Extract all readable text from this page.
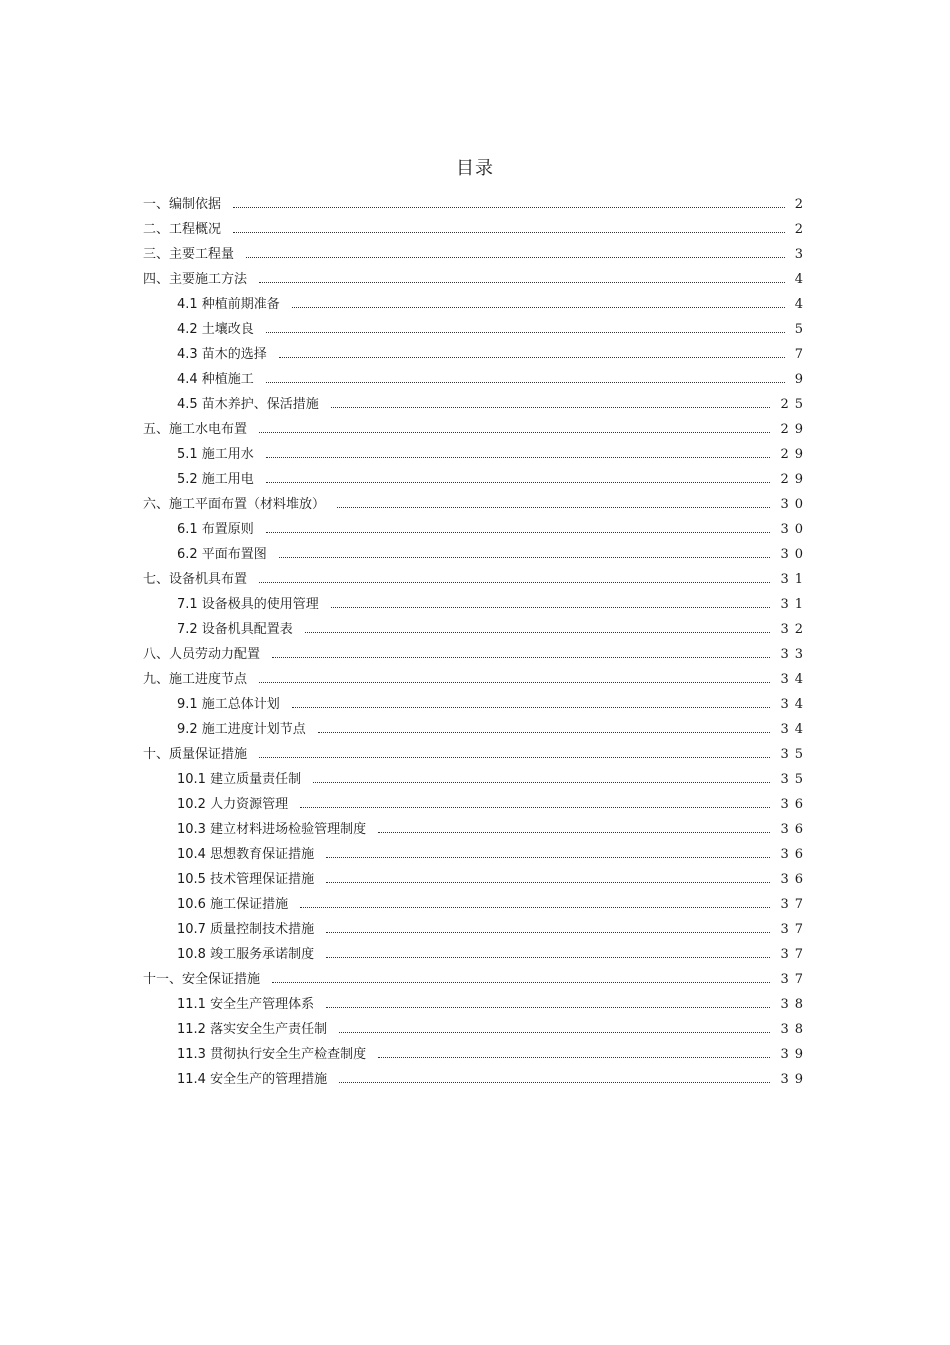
目录
一、编制依据	2
二、工程概况	2
三、主要工程量	3
四、主要施工方法	4
4.1 种植前期准备	4
4.2 土壤改良	5
4.3 苗木的选择	7
4.4 种植施工	9
4.5 苗木养护、保活措施	25
五、施工水电布置	29
5.1 施工用水	29
5.2 施工用电	29
六、施工平面布置（材料堆放）	30
6.1 布置原则	30
6.2 平面布置图	30
七、设备机具布置	31
7.1 设备极具的使用管理	31
7.2 设备机具配置表	32
八、人员劳动力配置	33
九、施工进度节点	34
9.1 施工总体计划	34
9.2 施工进度计划节点	34
十、质量保证措施	35
10.1 建立质量责任制	35
10.2 人力资源管理	36
10.3 建立材料进场检验管理制度	36
10.4 思想教育保证措施	36
10.5 技术管理保证措施	36
10.6 施工保证措施	37
10.7 质量控制技术措施	37
10.8 竣工服务承诺制度	37
十一、安全保证措施	37
11.1 安全生产管理体系	38
11.2 落实安全生产责任制	38
11.3 贯彻执行安全生产检查制度	39
11.4 安全生产的管理措施	39
